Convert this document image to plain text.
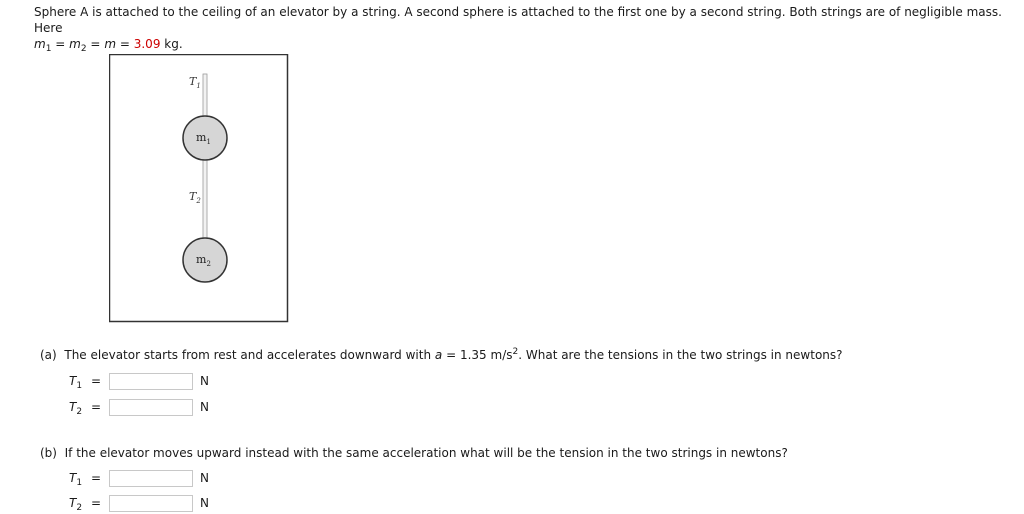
Sphere A is attached to the ceiling of an elevator by a string. A second sphere is attached to the first one by a second string. Both strings are of negligible mass. Here
$m_1 = m_2 = m = 3.09$ kg.
$T_1$
$T_2$
$m_1$
$m_2$
(a) The elevator starts from rest and accelerates downward with a = 1.35 $m/s^2$. What are the tensions in the two strings in newtons?
$T_1$ =	N
$T_2$ =	N
(b) If the elevator moves upward instead with the same acceleration what will be the tension in the two strings in newtons?
$T_1$ =	N
$T_2$ =	N
